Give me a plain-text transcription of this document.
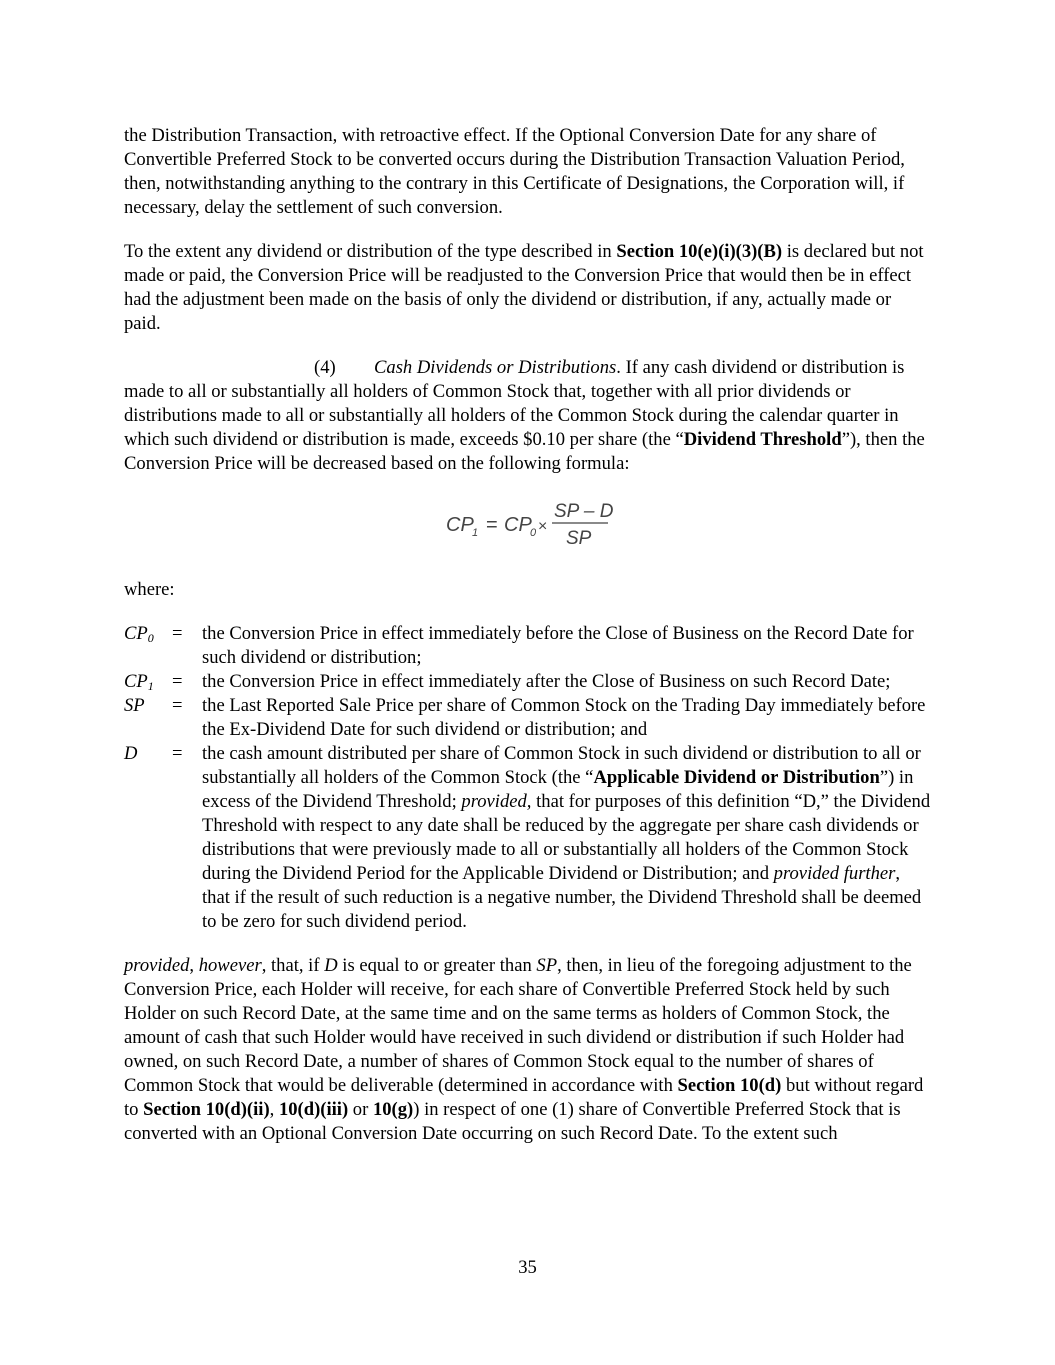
the Distribution Transaction, with retroactive effect. If the Optional Conversion Date for any share of Convertible Preferred Stock to be converted occurs during the Distribution Transaction Valuation Period, then, notwithstanding anything to the contrary in this Certificate of Designations, the Corporation will, if necessary, delay the settlement of such conversion.

To the extent any dividend or distribution of the type described in Section 10(e)(i)(3)(B) is declared but not made or paid, the Conversion Price will be readjusted to the Conversion Price that would then be in effect had the adjustment been made on the basis of only the dividend or distribution, if any, actually made or paid.

(4) Cash Dividends or Distributions. If any cash dividend or distribution is made to all or substantially all holders of Common Stock that, together with all prior dividends or distributions made to all or substantially all holders of the Common Stock during the calendar quarter in which such dividend or distribution is made, exceeds $0.10 per share (the “Dividend Threshold”), then the Conversion Price will be decreased based on the following formula:

CP
1 = CP
0 ×
SP – D
SP

where:

$CP_0$	=	the Conversion Price in effect immediately before the Close of Business on the Record Date for such dividend or distribution;
$CP_1$	=	the Conversion Price in effect immediately after the Close of Business on such Record Date;
SP	=	the Last Reported Sale Price per share of Common Stock on the Trading Day immediately before the Ex-Dividend Date for such dividend or distribution; and
D	=	the cash amount distributed per share of Common Stock in such dividend or distribution to all or substantially all holders of the Common Stock (the “Applicable Dividend or Distribution”) in excess of the Dividend Threshold; provided, that for purposes of this definition “D,” the Dividend Threshold with respect to any date shall be reduced by the aggregate per share cash dividends or distributions that were previously made to all or substantially all holders of the Common Stock during the Dividend Period for the Applicable Dividend or Distribution; and provided further, that if the result of such reduction is a negative number, the Dividend Threshold shall be deemed to be zero for such dividend period.

provided, however, that, if D is equal to or greater than SP, then, in lieu of the foregoing adjustment to the Conversion Price, each Holder will receive, for each share of Convertible Preferred Stock held by such Holder on such Record Date, at the same time and on the same terms as holders of Common Stock, the amount of cash that such Holder would have received in such dividend or distribution if such Holder had owned, on such Record Date, a number of shares of Common Stock equal to the number of shares of Common Stock that would be deliverable (determined in accordance with Section 10(d) but without regard to Section 10(d)(ii), 10(d)(iii) or 10(g)) in respect of one (1) share of Convertible Preferred Stock that is converted with an Optional Conversion Date occurring on such Record Date. To the extent such

35
